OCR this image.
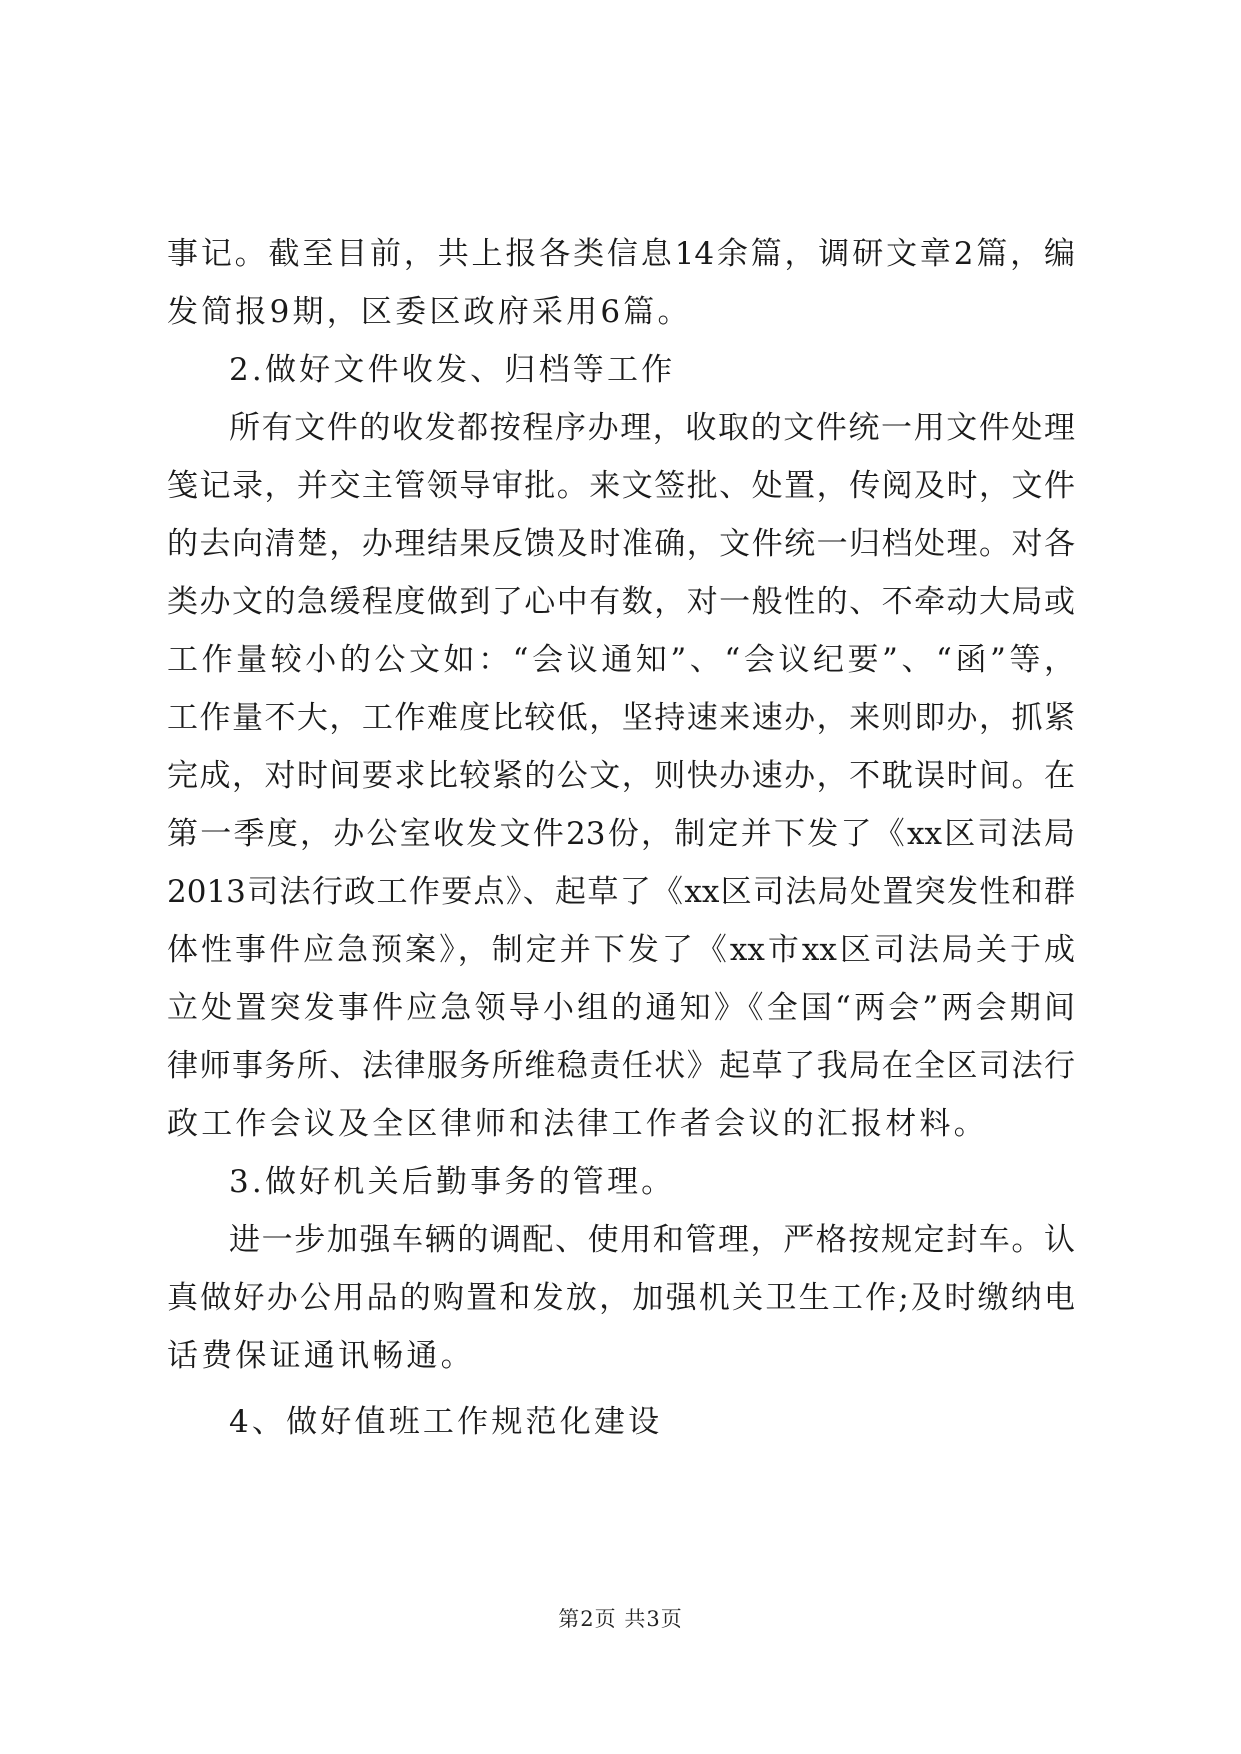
事记。截至目前，共上报各类信息14余篇，调研文章2篇，编
发简报9期，区委区政府采用6篇。
2.做好文件收发、归档等工作
所有文件的收发都按程序办理，收取的文件统一用文件处理
笺记录，并交主管领导审批。来文签批、处置，传阅及时，文件
的去向清楚，办理结果反馈及时准确，文件统一归档处理。对各
类办文的急缓程度做到了心中有数，对一般性的、不牵动大局或
工作量较小的公文如：“会议通知”、“会议纪要”、“函”等，
工作量不大，工作难度比较低，坚持速来速办，来则即办，抓紧
完成，对时间要求比较紧的公文，则快办速办，不耽误时间。在
第一季度，办公室收发文件23份，制定并下发了《xx区司法局
2013司法行政工作要点》、起草了《xx区司法局处置突发性和群
体性事件应急预案》，制定并下发了《xx市xx区司法局关于成
立处置突发事件应急领导小组的通知》《全国“两会”两会期间
律师事务所、法律服务所维稳责任状》起草了我局在全区司法行
政工作会议及全区律师和法律工作者会议的汇报材料。
3.做好机关后勤事务的管理。
进一步加强车辆的调配、使用和管理，严格按规定封车。认
真做好办公用品的购置和发放，加强机关卫生工作;及时缴纳电
话费保证通讯畅通。
4、做好值班工作规范化建设
第2页 共3页
